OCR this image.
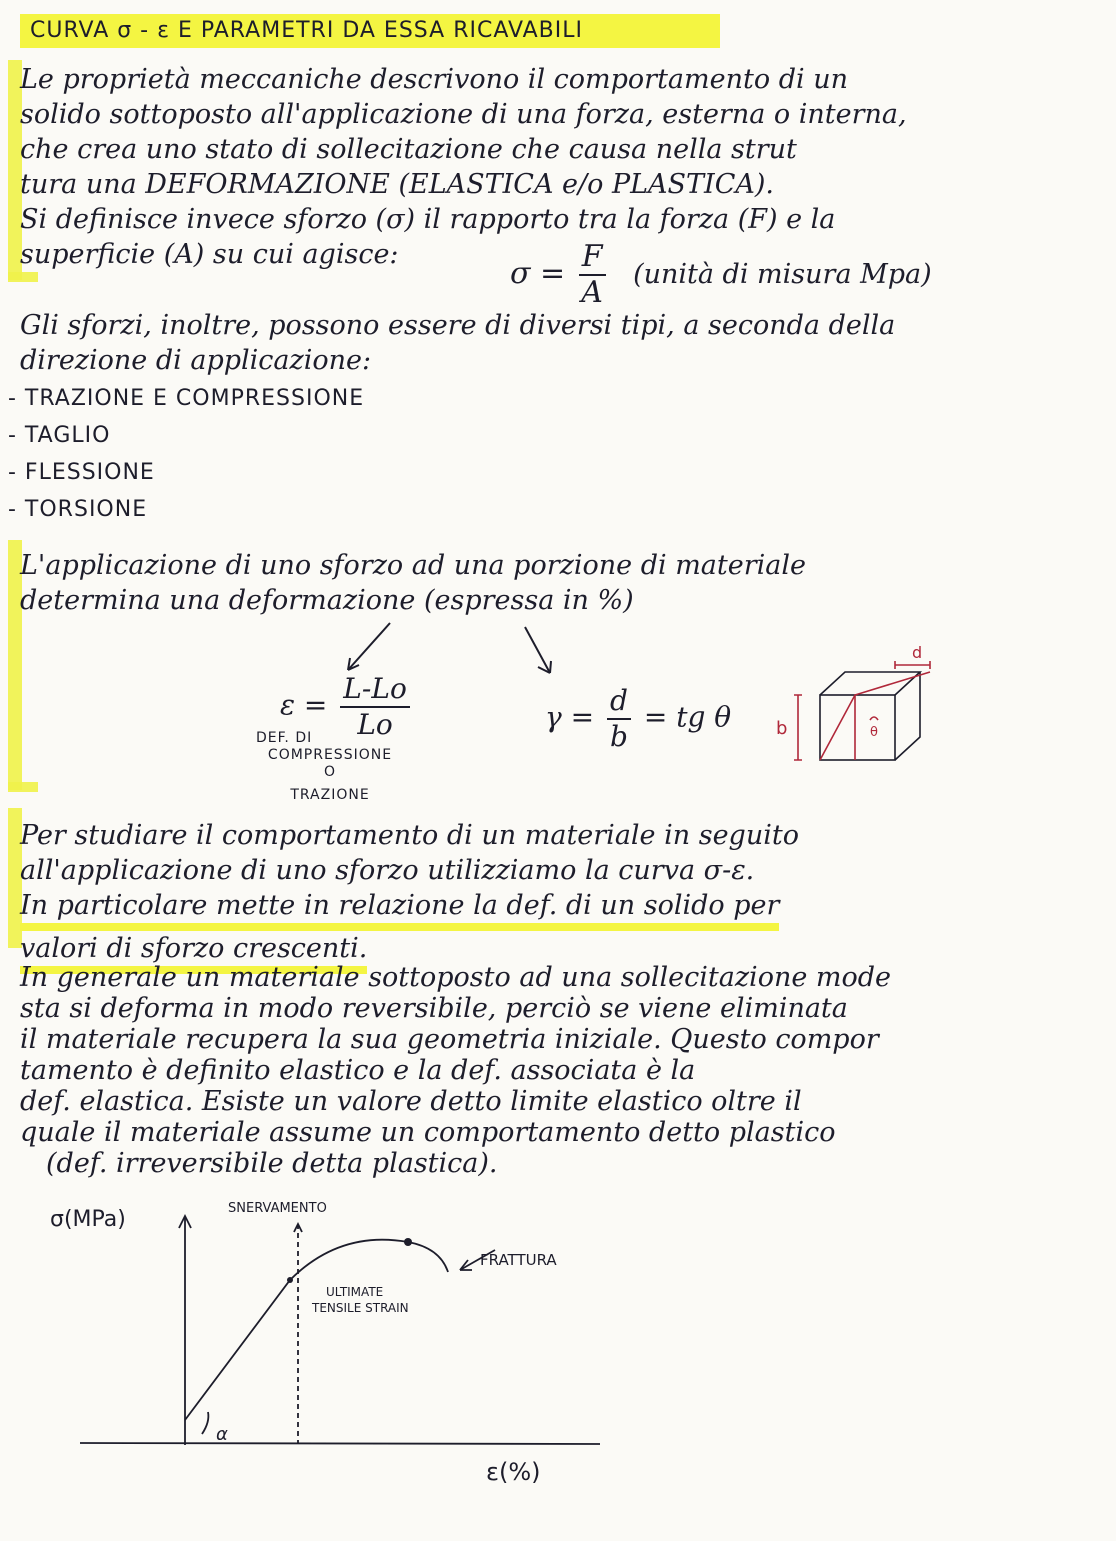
CURVA σ - ε E PARAMETRI DA ESSA RICAVABILI

Le proprietà meccaniche descrivono il comportamento di un

solido sottoposto all'applicazione di una forza, esterna o interna,

che crea uno stato di sollecitazione che causa nella strut

tura una DEFORMAZIONE (ELASTICA e/o PLASTICA).

Si definisce invece sforzo (σ) il rapporto tra la forza (F) e la

superficie (A) su cui agisce:

$\sigma = \frac{F}{A}$ (unità di misura Mpa)

Gli sforzi, inoltre, possono essere di diversi tipi, a seconda della

direzione di applicazione:

- TRAZIONE E COMPRESSIONE
- TAGLIO
- FLESSIONE
- TORSIONE

L'applicazione di uno sforzo ad una porzione di materiale

determina una deformazione (espressa in %)

$\varepsilon = \frac{L-Lo}{Lo}$
DEF. DI
COMPRESSIONE
O
TRAZIONE
$\gamma = \frac{d}{b}$ = tg θ
d
b	θ

Per studiare il comportamento di un materiale in seguito

all'applicazione di uno sforzo utilizziamo la curva σ-ε.

In particolare mette in relazione la def. di un solido per

valori di sforzo crescenti.

In generale un materiale sottoposto ad una sollecitazione mode

sta si deforma in modo reversibile, perciò se viene eliminata

il materiale recupera la sua geometria iniziale. Questo compor

tamento è definito elastico e la def. associata è la

def. elastica. Esiste un valore detto limite elastico oltre il

quale il materiale assume un comportamento detto plastico

(def. irreversibile detta plastica).

σ(MPa)	SNERVAMENTO
FRATTURA
ULTIMATE
TENSILE STRAIN
α
ε(%)
